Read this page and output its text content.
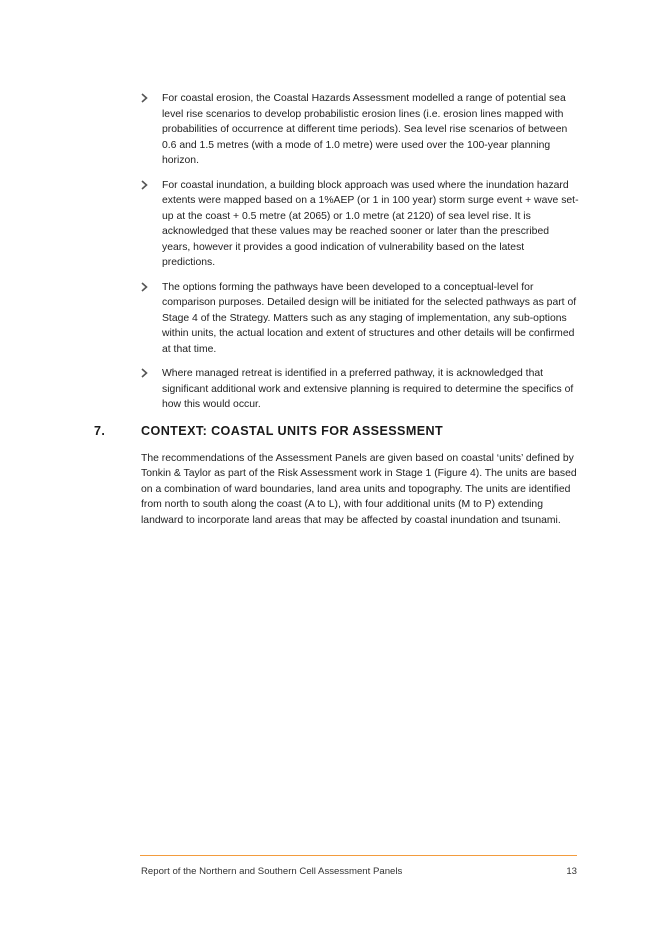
For coastal erosion, the Coastal Hazards Assessment modelled a range of potential sea level rise scenarios to develop probabilistic erosion lines (i.e. erosion lines mapped with probabilities of occurrence at different time periods). Sea level rise scenarios of between 0.6 and 1.5 metres (with a mode of 1.0 metre) were used over the 100-year planning horizon.
For coastal inundation, a building block approach was used where the inundation hazard extents were mapped based on a 1%AEP (or 1 in 100 year) storm surge event + wave set-up at the coast + 0.5 metre (at 2065) or 1.0 metre (at 2120) of sea level rise. It is acknowledged that these values may be reached sooner or later than the prescribed years, however it provides a good indication of vulnerability based on the latest predictions.
The options forming the pathways have been developed to a conceptual-level for comparison purposes. Detailed design will be initiated for the selected pathways as part of Stage 4 of the Strategy. Matters such as any staging of implementation, any sub-options within units, the actual location and extent of structures and other details will be confirmed at that time.
Where managed retreat is identified in a preferred pathway, it is acknowledged that significant additional work and extensive planning is required to determine the specifics of how this would occur.
7.	CONTEXT: COASTAL UNITS FOR ASSESSMENT

The recommendations of the Assessment Panels are given based on coastal ‘units’ defined by Tonkin & Taylor as part of the Risk Assessment work in Stage 1 (Figure 4). The units are based on a combination of ward boundaries, land area units and topography. The units are identified from north to south along the coast (A to L), with four additional units (M to P) extending landward to incorporate land areas that may be affected by coastal inundation and tsunami.

Report of the Northern and Southern Cell Assessment Panels	13
